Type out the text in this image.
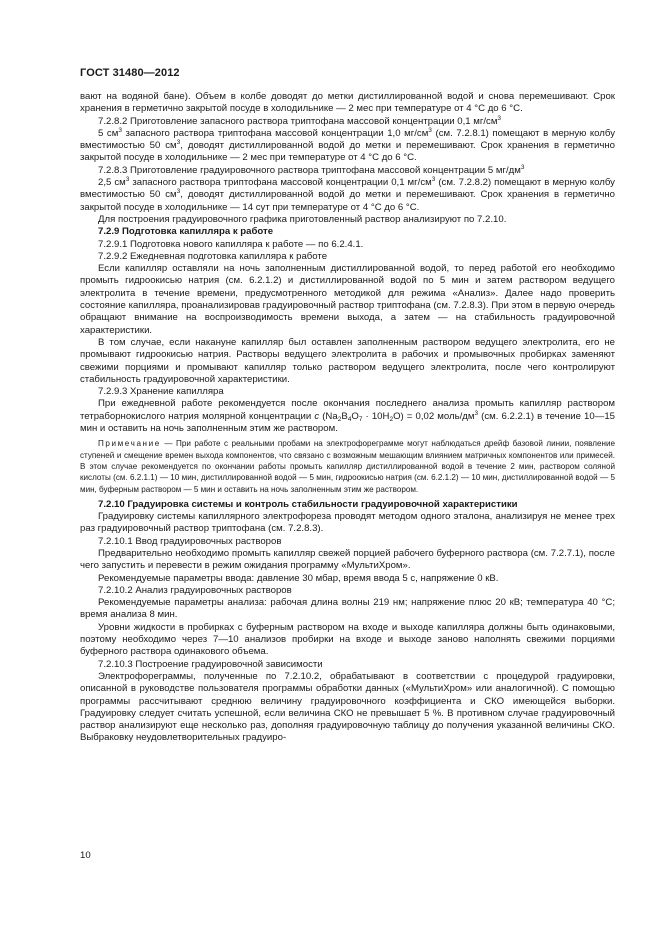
ГОСТ 31480—2012

вают на водяной бане). Объем в колбе доводят до метки дистиллированной водой и снова перемешивают. Срок хранения в герметично закрытой посуде в холодильнике — 2 мес при температуре от 4 °C до 6 °C.

7.2.8.2 Приготовление запасного раствора триптофана массовой концентрации 0,1 $мг/см^3$

5 $см^3$ запасного раствора триптофана массовой концентрации 1,0 $мг/см^3$ (см. 7.2.8.1) помещают в мерную колбу вместимостью 50 $см^3$, доводят дистиллированной водой до метки и перемешивают. Срок хранения в герметично закрытой посуде в холодильнике — 2 мес при температуре от 4 °C до 6 °C.

7.2.8.3 Приготовление градуировочного раствора триптофана массовой концентрации 5 $мг/дм^3$

2,5 $см^3$ запасного раствора триптофана массовой концентрации 0,1 $мг/см^3$ (см. 7.2.8.2) помещают в мерную колбу вместимостью 50 $см^3$, доводят дистиллированной водой до метки и перемешивают. Срок хранения в герметично закрытой посуде в холодильнике — 14 сут при температуре от 4 °C до 6 °C.

Для построения градуировочного графика приготовленный раствор анализируют по 7.2.10.

7.2.9 Подготовка капилляра к работе

7.2.9.1 Подготовка нового капилляра к работе — по 6.2.4.1.

7.2.9.2 Ежедневная подготовка капилляра к работе

Если капилляр оставляли на ночь заполненным дистиллированной водой, то перед работой его необходимо промыть гидроокисью натрия (см. 6.2.1.2) и дистиллированной водой по 5 мин и затем раствором ведущего электролита в течение времени, предусмотренного методикой для режима «Анализ». Далее надо проверить состояние капилляра, проанализировав градуировочный раствор триптофана (см. 7.2.8.3). При этом в первую очередь обращают внимание на воспроизводимость времени выхода, а затем — на стабильность градуировочной характеристики.

В том случае, если накануне капилляр был оставлен заполненным раствором ведущего электролита, его не промывают гидроокисью натрия. Растворы ведущего электролита в рабочих и промывочных пробирках заменяют свежими порциями и промывают капилляр только раствором ведущего электролита, после чего контролируют стабильность градуировочной характеристики.

7.2.9.3 Хранение капилляра

При ежедневной работе рекомендуется после окончания последнего анализа промыть капилляр раствором тетраборнокислого натрия молярной концентрации c $(Na_2B_4O_7 \cdot 10H_2O) = 0,02$ моль/$дм^3$ (см. 6.2.2.1) в течение 10—15 мин и оставить на ночь заполненным этим же раствором.

Примечание — При работе с реальными пробами на электрофореграмме могут наблюдаться дрейф базовой линии, появление ступеней и смещение времен выхода компонентов, что связано с возможным мешающим влиянием матричных компонентов или примесей. В этом случае рекомендуется по окончании работы промыть капилляр дистиллированной водой в течение 2 мин, раствором соляной кислоты (см. 6.2.1.1) — 10 мин, дистиллированной водой — 5 мин, гидроокисью натрия (см. 6.2.1.2) — 10 мин, дистиллированной водой — 5 мин, буферным раствором — 5 мин и оставить на ночь заполненным этим же раствором.

7.2.10 Градуировка системы и контроль стабильности градуировочной характеристики

Градуировку системы капиллярного электрофореза проводят методом одного эталона, анализируя не менее трех раз градуировочный раствор триптофана (см. 7.2.8.3).

7.2.10.1 Ввод градуировочных растворов

Предварительно необходимо промыть капилляр свежей порцией рабочего буферного раствора (см. 7.2.7.1), после чего запустить и перевести в режим ожидания программу «МультиХром».

Рекомендуемые параметры ввода: давление 30 мбар, время ввода 5 с, напряжение 0 кВ.

7.2.10.2 Анализ градуировочных растворов

Рекомендуемые параметры анализа: рабочая длина волны 219 нм; напряжение плюс 20 кВ; температура 40 °C; время анализа 8 мин.

Уровни жидкости в пробирках с буферным раствором на входе и выходе капилляра должны быть одинаковыми, поэтому необходимо через 7—10 анализов пробирки на входе и выходе заново наполнять свежими порциями буферного раствора одинакового объема.

7.2.10.3 Построение градуировочной зависимости

Электрофореграммы, полученные по 7.2.10.2, обрабатывают в соответствии с процедурой градуировки, описанной в руководстве пользователя программы обработки данных («МультиХром» или аналогичной). С помощью программы рассчитывают среднюю величину градуировочного коэффициента и СКО имеющейся выборки. Градуировку следует считать успешной, если величина СКО не превышает 5 %. В противном случае градуировочный раствор анализируют еще несколько раз, дополняя градуировочную таблицу до получения указанной величины СКО. Выбраковку неудовлетворительных градуиро-

10
